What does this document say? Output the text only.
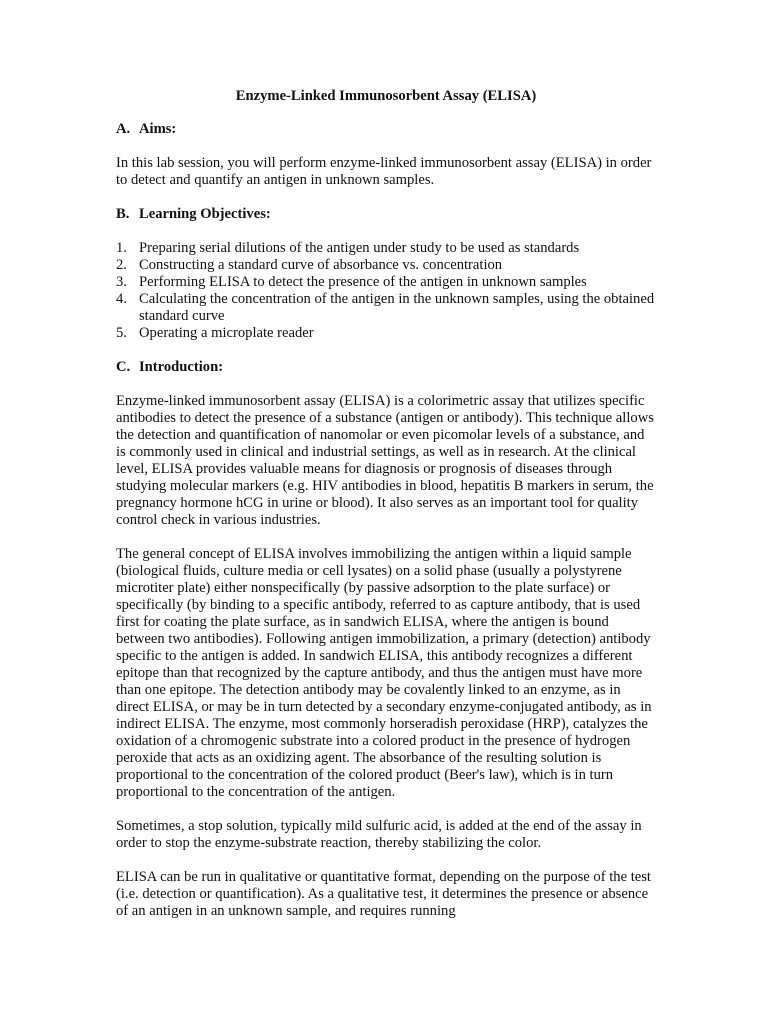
Enzyme-Linked Immunosorbent Assay (ELISA)
A. Aims:

In this lab session, you will perform enzyme-linked immunosorbent assay (ELISA) in order to detect and quantify an antigen in unknown samples.

B. Learning Objectives:
1. Preparing serial dilutions of the antigen under study to be used as standards
2. Constructing a standard curve of absorbance vs. concentration
3. Performing ELISA to detect the presence of the antigen in unknown samples
4. Calculating the concentration of the antigen in the unknown samples, using the obtained standard curve
5. Operating a microplate reader
C. Introduction:

Enzyme-linked immunosorbent assay (ELISA) is a colorimetric assay that utilizes specific antibodies to detect the presence of a substance (antigen or antibody). This technique allows the detection and quantification of nanomolar or even picomolar levels of a substance, and is commonly used in clinical and industrial settings, as well as in research. At the clinical level, ELISA provides valuable means for diagnosis or prognosis of diseases through studying molecular markers (e.g. HIV antibodies in blood, hepatitis B markers in serum, the pregnancy hormone hCG in urine or blood). It also serves as an important tool for quality control check in various industries.

The general concept of ELISA involves immobilizing the antigen within a liquid sample (biological fluids, culture media or cell lysates) on a solid phase (usually a polystyrene microtiter plate) either nonspecifically (by passive adsorption to the plate surface) or specifically (by binding to a specific antibody, referred to as capture antibody, that is used first for coating the plate surface, as in sandwich ELISA, where the antigen is bound between two antibodies). Following antigen immobilization, a primary (detection) antibody specific to the antigen is added. In sandwich ELISA, this antibody recognizes a different epitope than that recognized by the capture antibody, and thus the antigen must have more than one epitope. The detection antibody may be covalently linked to an enzyme, as in direct ELISA, or may be in turn detected by a secondary enzyme-conjugated antibody, as in indirect ELISA. The enzyme, most commonly horseradish peroxidase (HRP), catalyzes the oxidation of a chromogenic substrate into a colored product in the presence of hydrogen peroxide that acts as an oxidizing agent. The absorbance of the resulting solution is proportional to the concentration of the colored product (Beer's law), which is in turn proportional to the concentration of the antigen.

Sometimes, a stop solution, typically mild sulfuric acid, is added at the end of the assay in order to stop the enzyme-substrate reaction, thereby stabilizing the color.

ELISA can be run in qualitative or quantitative format, depending on the purpose of the test (i.e. detection or quantification). As a qualitative test, it determines the presence or absence of an antigen in an unknown sample, and requires running
